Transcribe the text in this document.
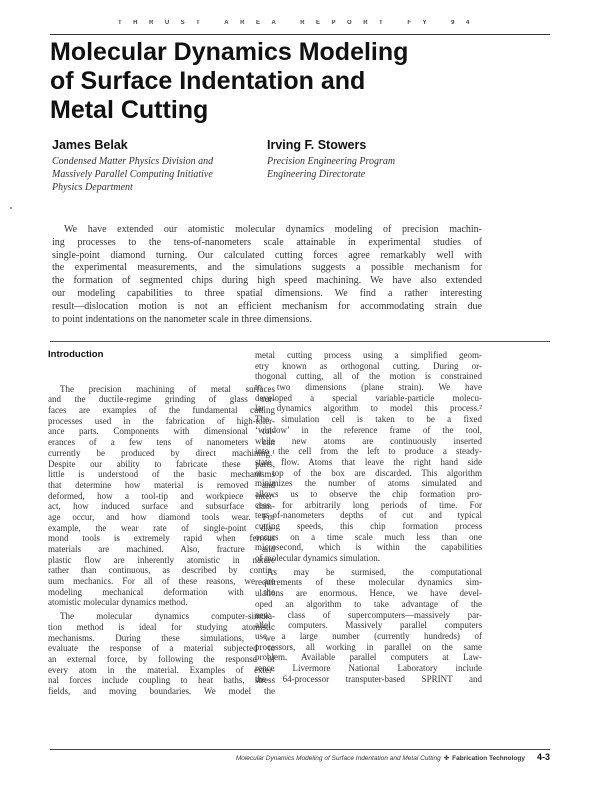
THRUST AREA REPORT FY 94
Molecular Dynamics Modeling
of Surface Indentation and
Metal Cutting
James Belak
Condensed Matter Physics Division and
Massively Parallel Computing Initiative
Physics Department
Irving F. Stowers
Precision Engineering Program
Engineering Directorate
We have extended our atomistic molecular dynamics modeling of precision machin-
ing processes to the tens-of-nanometers scale attainable in experimental studies of
single-point diamond turning. Our calculated cutting forces agree remarkably well with
the experimental measurements, and the simulations suggests a possible mechanism for
the formation of segmented chips during high speed machining. We have also extended
our modeling capabilities to three spatial dimensions. We find a rather interesting
result—dislocation motion is not an efficient mechanism for accommodating strain due
to point indentations on the nanometer scale in three dimensions.
Introduction
The precision machining of metal surfaces
and the ductile-regime grinding of glass sur-
faces are examples of the fundamental cutting
processes used in the fabrication of high-toler-
ance parts. Components with dimensional tol-
erances of a few tens of nanometers can
currently be produced by direct machining.¹
Despite our ability to fabricate these parts,
little is understood of the basic mechanisms
that determine how material is removed and
deformed, how a tool-tip and workpiece inter-
act, how induced surface and subsurface dam-
age occur, and how diamond tools wear. For
example, the wear rate of single-point dia-
mond tools is extremely rapid when ferrous
materials are machined. Also, fracture and
plastic flow are inherently atomistic in nature
rather than continuous, as described by contin-
uum mechanics. For all of these reasons, we are
modeling mechanical deformation with the
atomistic molecular dynamics method.
The molecular dynamics computer-simula-
tion method is ideal for studying atomistic
mechanisms. During these simulations, we
evaluate the response of a material subjected to
an external force, by following the response of
every atom in the material. Examples of exter-
nal forces include coupling to heat baths, stress
fields, and moving boundaries. We model the
metal cutting process using a simplified geom-
etry known as orthogonal cutting. During or-
thogonal cutting, all of the motion is constrained
to two dimensions (plane strain). We have
developed a special variable-particle molecu-
lar dynamics algorithm to model this process.²
The simulation cell is taken to be a fixed
‘window’ in the reference frame of the tool,
while new atoms are continuously inserted
into the cell from the left to produce a steady-
state flow. Atoms that leave the right hand side
or top of the box are discarded. This algorithm
minimizes the number of atoms simulated and
allows us to observe the chip formation pro-
cess for arbitrarily long periods of time. For
tens-of-nanometers depths of cut and typical
cutting speeds, this chip formation process
occurs on a time scale much less than one
microsecond, which is within the capabilities
of molecular dynamics simulation.
As may be surmised, the computational
requirements of these molecular dynamics sim-
ulations are enormous. Hence, we have devel-
oped an algorithm to take advantage of the
new class of supercomputers—massively par-
allel computers. Massively parallel computers
use a large number (currently hundreds) of
processors, all working in parallel on the same
problem. Available parallel computers at Law-
rence Livermore National Laboratory include
the 64-processor transputer-based SPRINT and
Molecular Dynamics Modeling of Surface Indentation and Metal Cutting ✤ Fabrication Technology 4-3
